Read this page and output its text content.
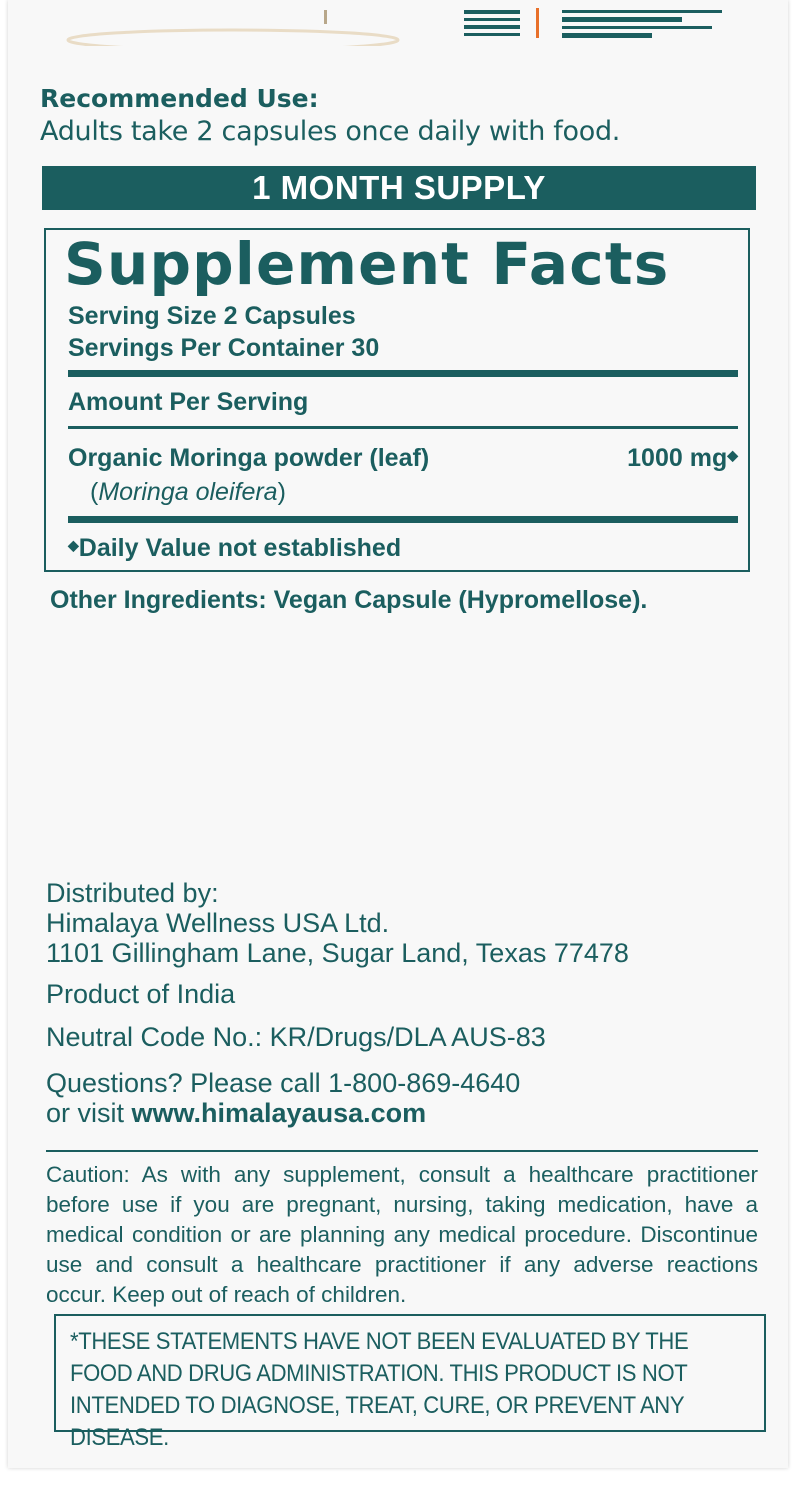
Recommended Use:
Adults take 2 capsules once daily with food.
1 MONTH SUPPLY
Supplement Facts
Serving Size 2 Capsules
Servings Per Container 30
Amount Per Serving
Organic Moringa powder (leaf)	1000 mg◆
(Moringa oleifera)
◆Daily Value not established
Other Ingredients: Vegan Capsule (Hypromellose).
Distributed by:
Himalaya Wellness USA Ltd.
1101 Gillingham Lane, Sugar Land, Texas 77478
Product of India
Neutral Code No.: KR/Drugs/DLA AUS-83
Questions? Please call 1-800-869-4640
or visit www.himalayausa.com
Caution: As with any supplement, consult a healthcare practitioner before use if you are pregnant, nursing, taking medication, have a medical condition or are planning any medical procedure. Discontinue use and consult a healthcare practitioner if any adverse reactions occur. Keep out of reach of children.
*THESE STATEMENTS HAVE NOT BEEN EVALUATED BY THE FOOD AND DRUG ADMINISTRATION. THIS PRODUCT IS NOT INTENDED TO DIAGNOSE, TREAT, CURE, OR PREVENT ANY DISEASE.
